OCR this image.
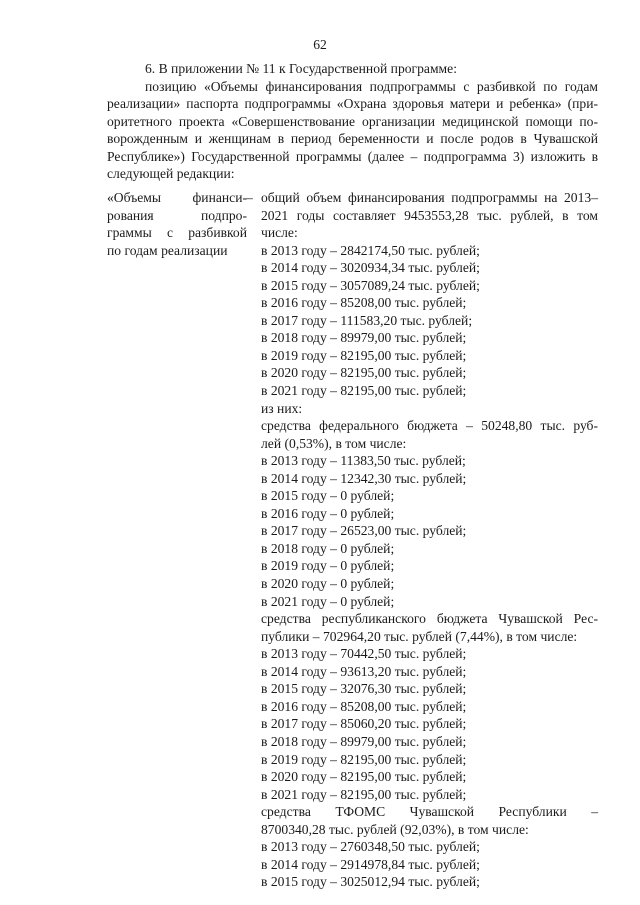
62

6. В приложении № 11 к Государственной программе:

позицию «Объемы финансирования подпрограммы с разбивкой по годам
реализации» паспорта подпрограммы «Охрана здоровья матери и ребенка» (при-
оритетного проекта «Совершенствование организации медицинской помощи по-
ворожденным и женщинам в период беременности и после родов в Чувашской
Республике») Государственной программы (далее – подпрограмма 3) изложить в
следующей редакции:
«Объемы финанси-
рования подпро-
граммы с разбивкой
по годам реализации
– общий объем финансирования подпрограммы на 2013–
2021 годы составляет 9453553,28 тыс. рублей, в том
числе:
в 2013 году – 2842174,50 тыс. рублей;
в 2014 году – 3020934,34 тыс. рублей;
в 2015 году – 3057089,24 тыс. рублей;
в 2016 году – 85208,00 тыс. рублей;
в 2017 году – 111583,20 тыс. рублей;
в 2018 году – 89979,00 тыс. рублей;
в 2019 году – 82195,00 тыс. рублей;
в 2020 году – 82195,00 тыс. рублей;
в 2021 году – 82195,00 тыс. рублей;
из них:
средства федерального бюджета – 50248,80 тыс. руб-
лей (0,53%), в том числе:
в 2013 году – 11383,50 тыс. рублей;
в 2014 году – 12342,30 тыс. рублей;
в 2015 году – 0 рублей;
в 2016 году – 0 рублей;
в 2017 году – 26523,00 тыс. рублей;
в 2018 году – 0 рублей;
в 2019 году – 0 рублей;
в 2020 году – 0 рублей;
в 2021 году – 0 рублей;
средства республиканского бюджета Чувашской Рес-
публики – 702964,20 тыс. рублей (7,44%), в том числе:
в 2013 году – 70442,50 тыс. рублей;
в 2014 году – 93613,20 тыс. рублей;
в 2015 году – 32076,30 тыс. рублей;
в 2016 году – 85208,00 тыс. рублей;
в 2017 году – 85060,20 тыс. рублей;
в 2018 году – 89979,00 тыс. рублей;
в 2019 году – 82195,00 тыс. рублей;
в 2020 году – 82195,00 тыс. рублей;
в 2021 году – 82195,00 тыс. рублей;
средства ТФОМС Чувашской Республики –
8700340,28 тыс. рублей (92,03%), в том числе:
в 2013 году – 2760348,50 тыс. рублей;
в 2014 году – 2914978,84 тыс. рублей;
в 2015 году – 3025012,94 тыс. рублей;
